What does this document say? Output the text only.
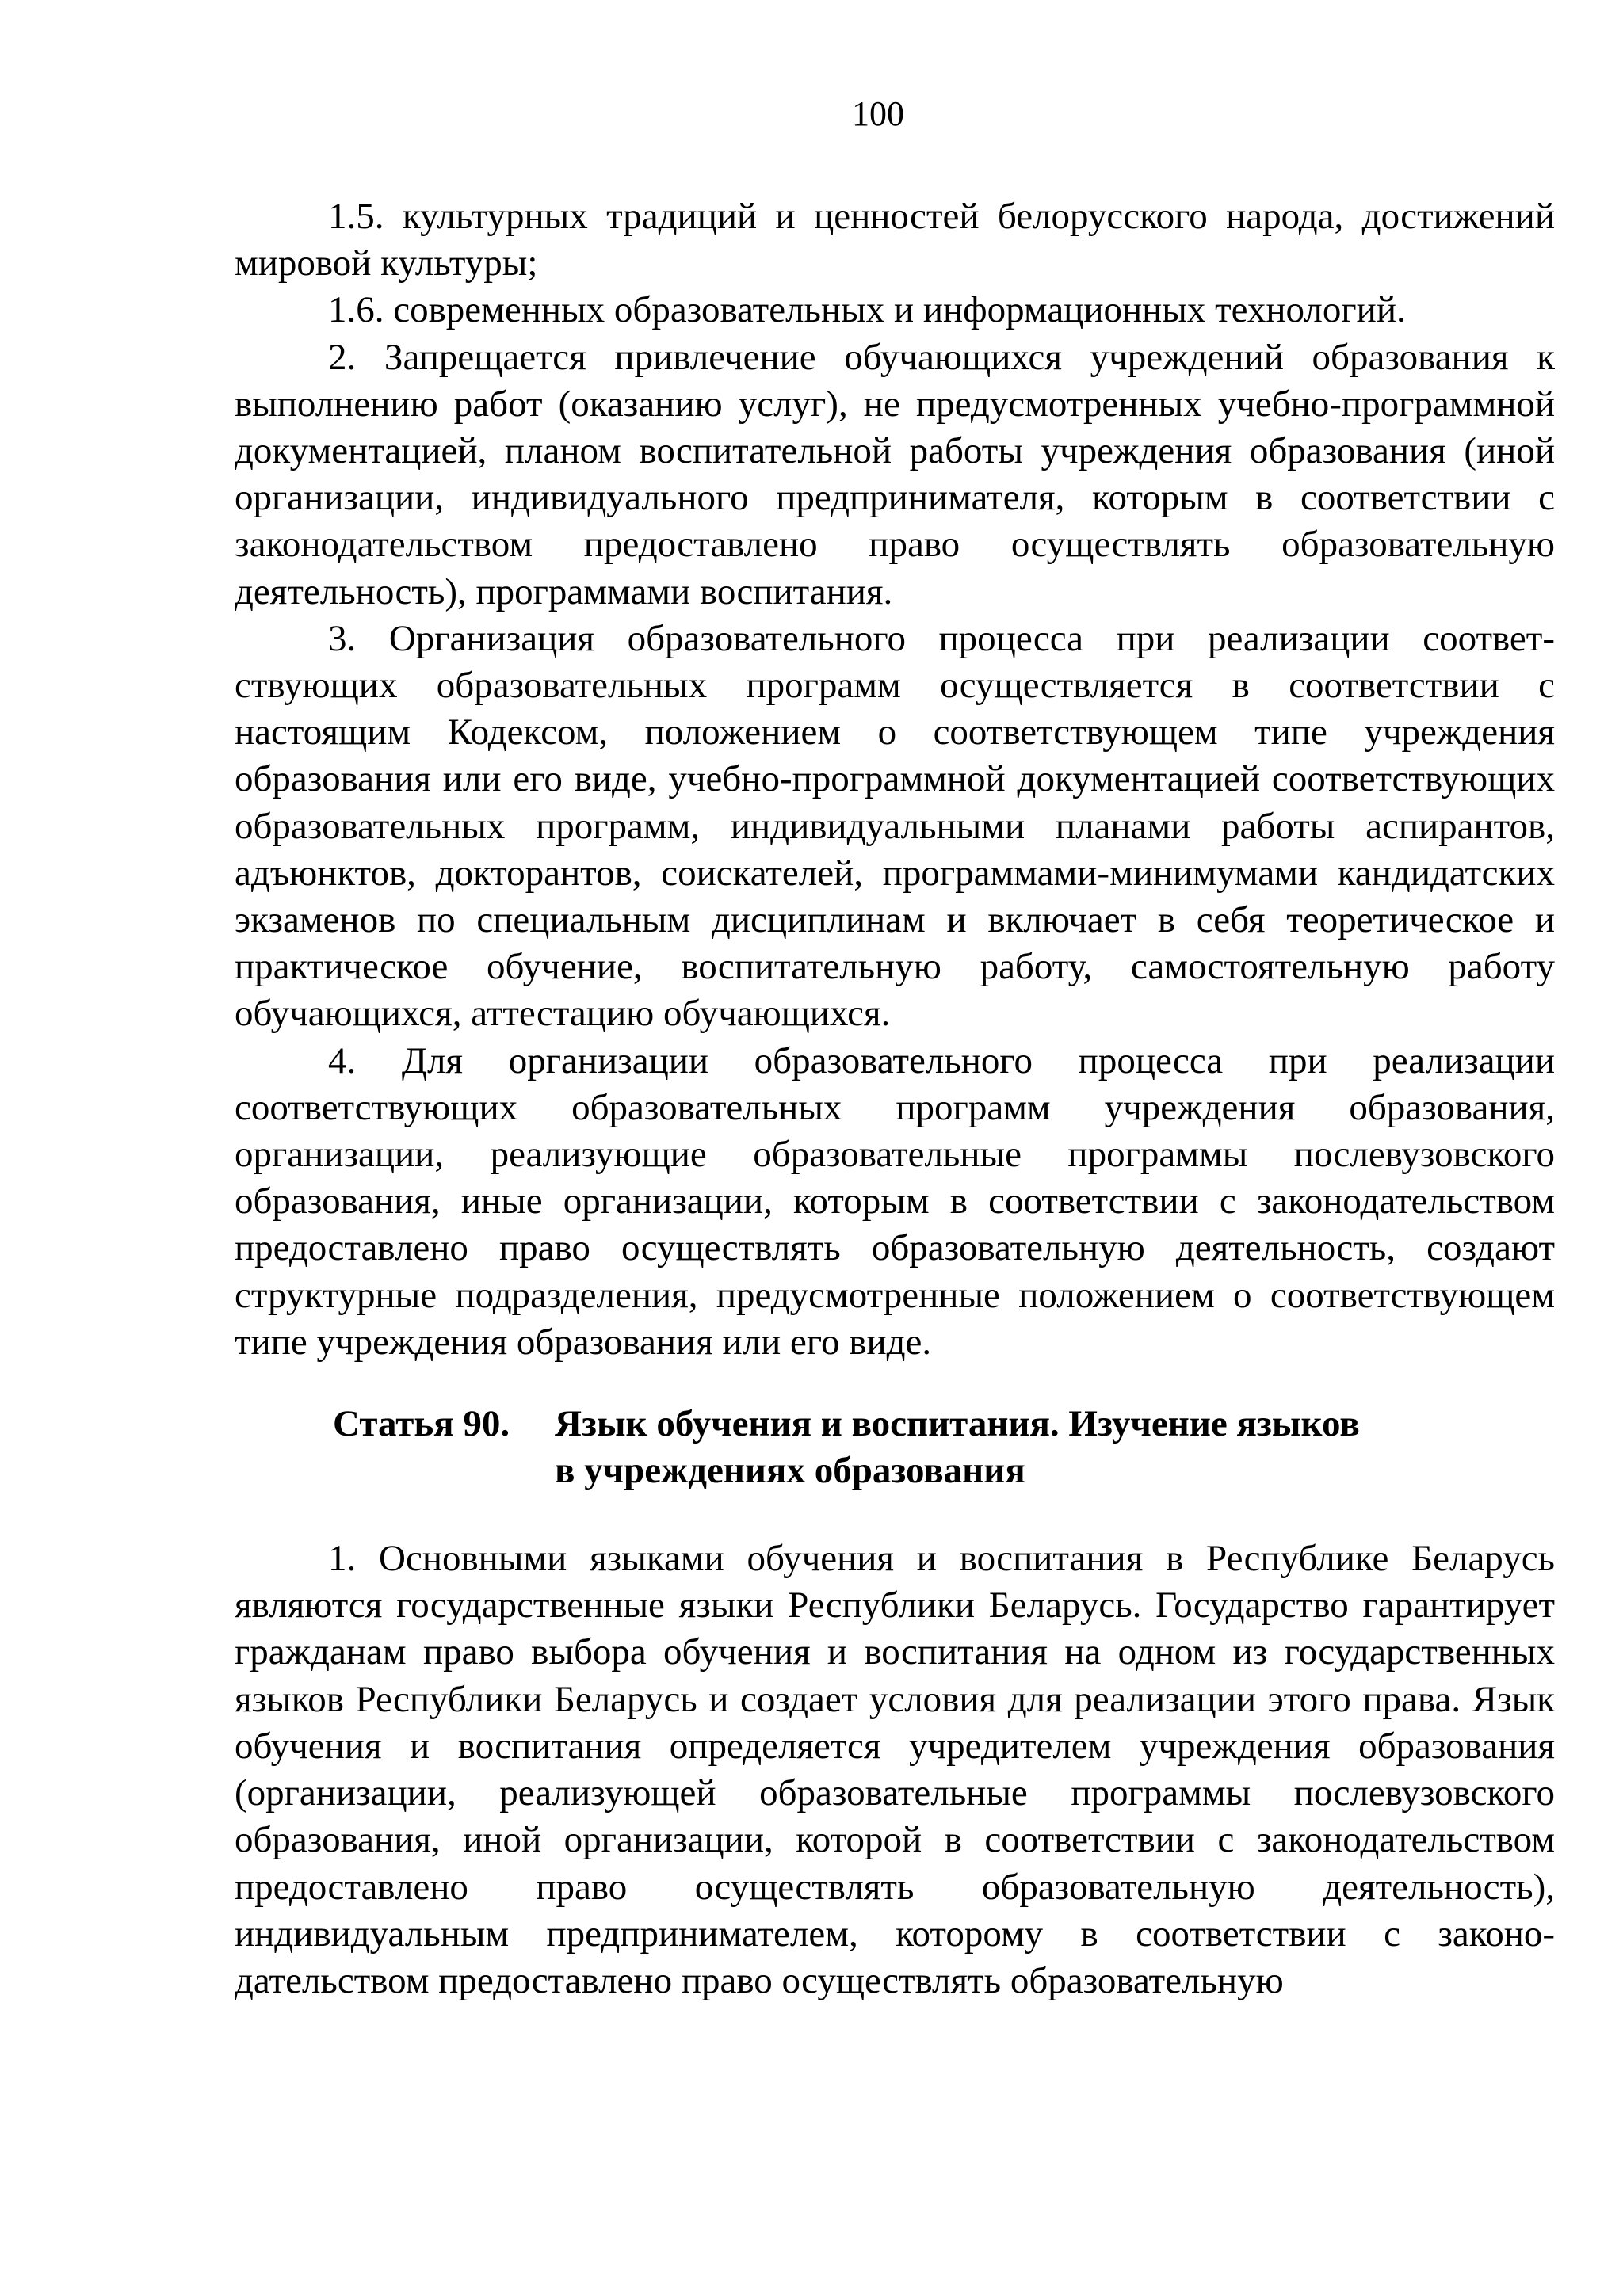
100

1.5. культурных традиций и ценностей белорусского народа, достижений мировой культуры;

1.6. современных образовательных и информационных технологий.

2. Запрещается привлечение обучающихся учреждений образования к выполнению работ (оказанию услуг), не предусмотренных учебно-программной документацией, планом воспитательной работы учреждения образования (иной организации, индивидуального предпринимателя, которым в соответствии с законодательством предоставлено право осуществлять образовательную деятельность), программами воспитания.

3. Организация образовательного процесса при реализации соответствующих образовательных программ осуществляется в соответствии с настоящим Кодексом, положением о соответствующем типе учреждения образования или его виде, учебно-программной документацией соответствующих образовательных программ, индивидуальными планами работы аспирантов, адъюнктов, докторантов, соискателей, программами-минимумами кандидатских экзаменов по специальным дисциплинам и включает в себя теоретическое и практическое обучение, воспитательную работу, самостоятельную работу обучающихся, аттестацию обучающихся.

4. Для организации образовательного процесса при реализации соответствующих образовательных программ учреждения образования, организации, реализующие образовательные программы послевузовского образования, иные организации, которым в соответствии с законодательством предоставлено право осуществлять образовательную деятельность, создают структурные подразделения, предусмотренные положением о соответствующем типе учреждения образования или его виде.

Статья 90. Язык обучения и воспитания. Изучение языков
в учреждениях образования

1. Основными языками обучения и воспитания в Республике Беларусь являются государственные языки Республики Беларусь. Государство гарантирует гражданам право выбора обучения и воспитания на одном из государственных языков Республики Беларусь и создает условия для реализации этого права. Язык обучения и воспитания определяется учредителем учреждения образования (организации, реализующей образовательные программы послевузовского образования, иной организации, которой в соответствии с законодательством предоставлено право осуществлять образовательную деятельность), индивидуальным предпринимателем, которому в соответствии с законодательством предоставлено право осуществлять образовательную
